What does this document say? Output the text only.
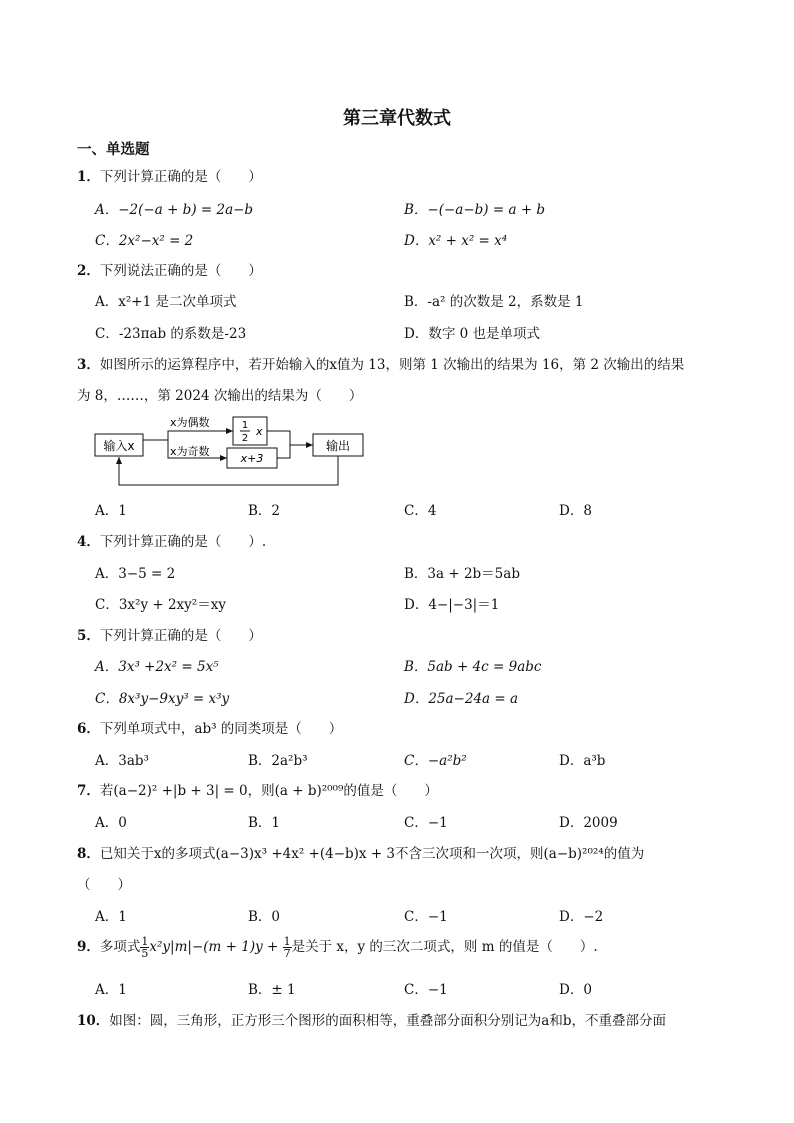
第三章代数式
一、单选题
1．下列计算正确的是（　　）
A．−2(−a + b) = 2a−b	B．−(−a−b) = a + b
C．2x²−x² = 2	D．x² + x² = x⁴
2．下列说法正确的是（　　）
A．x²+1 是二次单项式	B．-a² 的次数是 2，系数是 1
C．-23πab 的系数是-23	D．数字 0 也是单项式
3．如图所示的运算程序中，若开始输入的x值为 13，则第 1 次输出的结果为 16，第 2 次输出的结果
为 8，……，第 2024 次输出的结果为（　　）
输入x
1
2
x
x+3
输出
x为偶数
x为奇数
A．1	B．2	C．4	D．8
4．下列计算正确的是（　　）.
A．3−5 = 2	B．3a + 2b＝5ab
C．3x²y + 2xy²＝xy	D．4−|−3|＝1
5．下列计算正确的是（　　）
A．3x³ +2x² = 5x⁵	B．5ab + 4c = 9abc
C．8x³y−9xy³ = x³y	D．25a−24a = a
6．下列单项式中，ab³ 的同类项是（　　）
A．3ab³	B．2a²b³	C．−a²b²	D．a³b
7．若(a−2)² +|b + 3| = 0，则(a + b)²⁰⁰⁹的值是（　　）
A．0	B．1	C．−1	D．2009
8．已知关于x的多项式(a−3)x³ +4x² +(4−b)x + 3不含三次项和一次项，则(a−b)²⁰²⁴的值为
（　　）
A．1	B．0	C．−1	D．−2
9．多项式 $\frac{1}{5} x^2y|m|-(m + 1)y + \frac{1}{7}$ 是关于 x，y 的三次二项式，则 m 的值是（　　）.
A．1	B．± 1	C．−1	D．0
10．如图：圆，三角形，正方形三个图形的面积相等，重叠部分面积分别记为a和b，不重叠部分面
